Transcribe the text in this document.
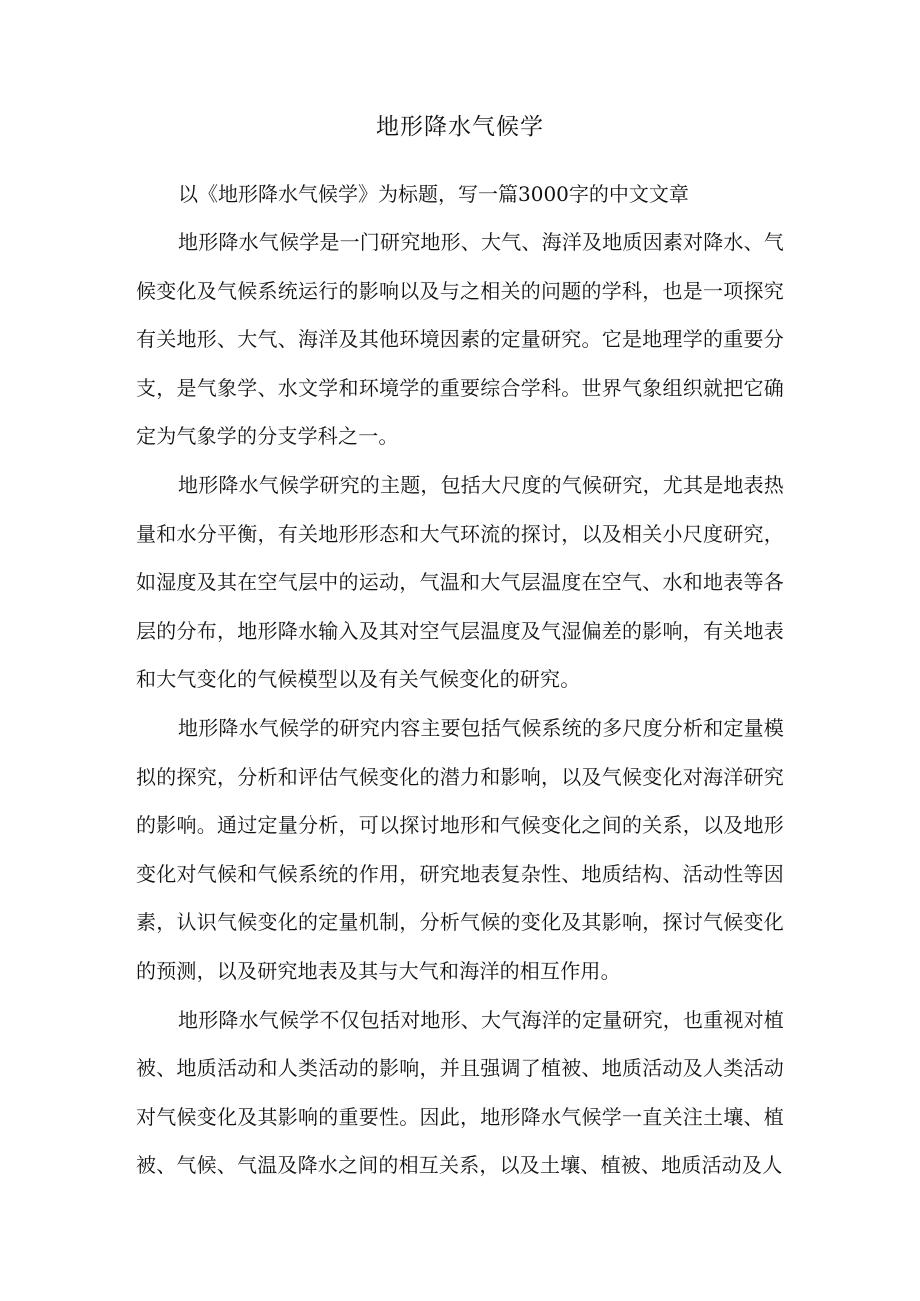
地形降水气候学

以《地形降水气候学》为标题，写一篇3000字的中文文章

地形降水气候学是一门研究地形、大气、海洋及地质因素对降水、气候变化及气候系统运行的影响以及与之相关的问题的学科，也是一项探究有关地形、大气、海洋及其他环境因素的定量研究。它是地理学的重要分支，是气象学、水文学和环境学的重要综合学科。世界气象组织就把它确定为气象学的分支学科之一。

地形降水气候学研究的主题，包括大尺度的气候研究，尤其是地表热量和水分平衡，有关地形形态和大气环流的探讨，以及相关小尺度研究，如湿度及其在空气层中的运动，气温和大气层温度在空气、水和地表等各层的分布，地形降水输入及其对空气层温度及气湿偏差的影响，有关地表和大气变化的气候模型以及有关气候变化的研究。

地形降水气候学的研究内容主要包括气候系统的多尺度分析和定量模拟的探究，分析和评估气候变化的潜力和影响，以及气候变化对海洋研究的影响。通过定量分析，可以探讨地形和气候变化之间的关系，以及地形变化对气候和气候系统的作用，研究地表复杂性、地质结构、活动性等因素，认识气候变化的定量机制，分析气候的变化及其影响，探讨气候变化的预测，以及研究地表及其与大气和海洋的相互作用。

地形降水气候学不仅包括对地形、大气海洋的定量研究，也重视对植被、地质活动和人类活动的影响，并且强调了植被、地质活动及人类活动对气候变化及其影响的重要性。因此，地形降水气候学一直关注土壤、植被、气候、气温及降水之间的相互关系，以及土壤、植被、地质活动及人
